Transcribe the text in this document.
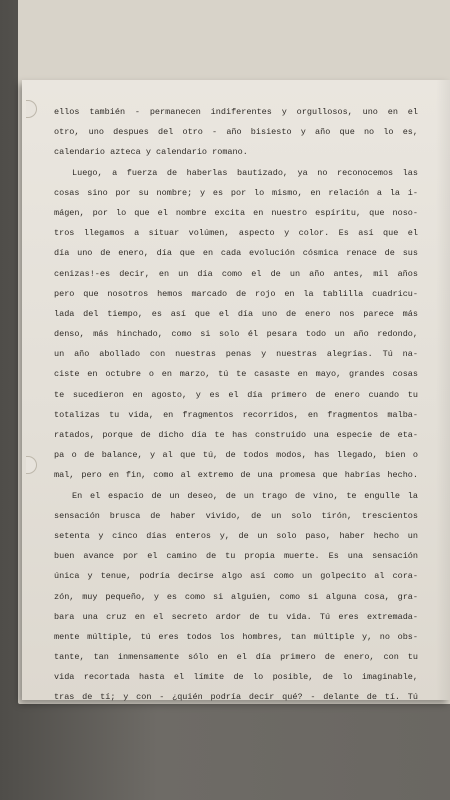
ellos también - permanecen indiferentes y orgullosos, uno en el
otro, uno despues del otro - año bisiesto y año que no lo es,
calendario azteca y calendario romano.
Luego, a fuerza de haberlas bautizado, ya no reconocemos las
cosas sino por su nombre; y es por lo mismo, en relación a la i-
mágen, por lo que el nombre excita en nuestro espíritu, que noso-
tros llegamos a situar volúmen, aspecto y color. Es así que el
día uno de enero, día que en cada evolución cósmica renace de sus
cenizas!-es decir, en un día como el de un año antes, mil años
pero que nosotros hemos marcado de rojo en la tablilla cuadricu-
lada del tiempo, es así que el día uno de enero nos parece más
denso, más hinchado, como si solo él pesara todo un año redondo,
un año abollado con nuestras penas y nuestras alegrías. Tú na-
ciste en octubre o en marzo, tú te casaste en mayo, grandes cosas
te sucedieron en agosto, y es el día primero de enero cuando tu
totalizas tu vida, en fragmentos recorridos, en fragmentos malba-
ratados, porque de dicho día te has construido una especie de eta-
pa o de balance, y al que tú, de todos modos, has llegado, bien o
mal, pero en fin, como al extremo de una promesa que habrías hecho.
En el espacio de un deseo, de un trago de vino, te engulle la
sensación brusca de haber vivido, de un solo tirón, trescientos
setenta y cinco días enteros y, de un solo paso, haber hecho un
buen avance por el camino de tu propia muerte. Es una sensación
única y tenue, podría decirse algo así como un golpecito al cora-
zón, muy pequeño, y es como si alguien, como si alguna cosa, gra-
bara una cruz en el secreto ardor de tu vida. Tú eres extremada-
mente múltiple, tú eres todos los hombres, tan múltiple y, no obs-
tante, tan inmensamente sólo en el día primero de enero, con tu
vida recortada hasta el límite de lo posible, de lo imaginable,
tras de tí; y con - ¿quién podría decir qué? - delante de tí. Tú
